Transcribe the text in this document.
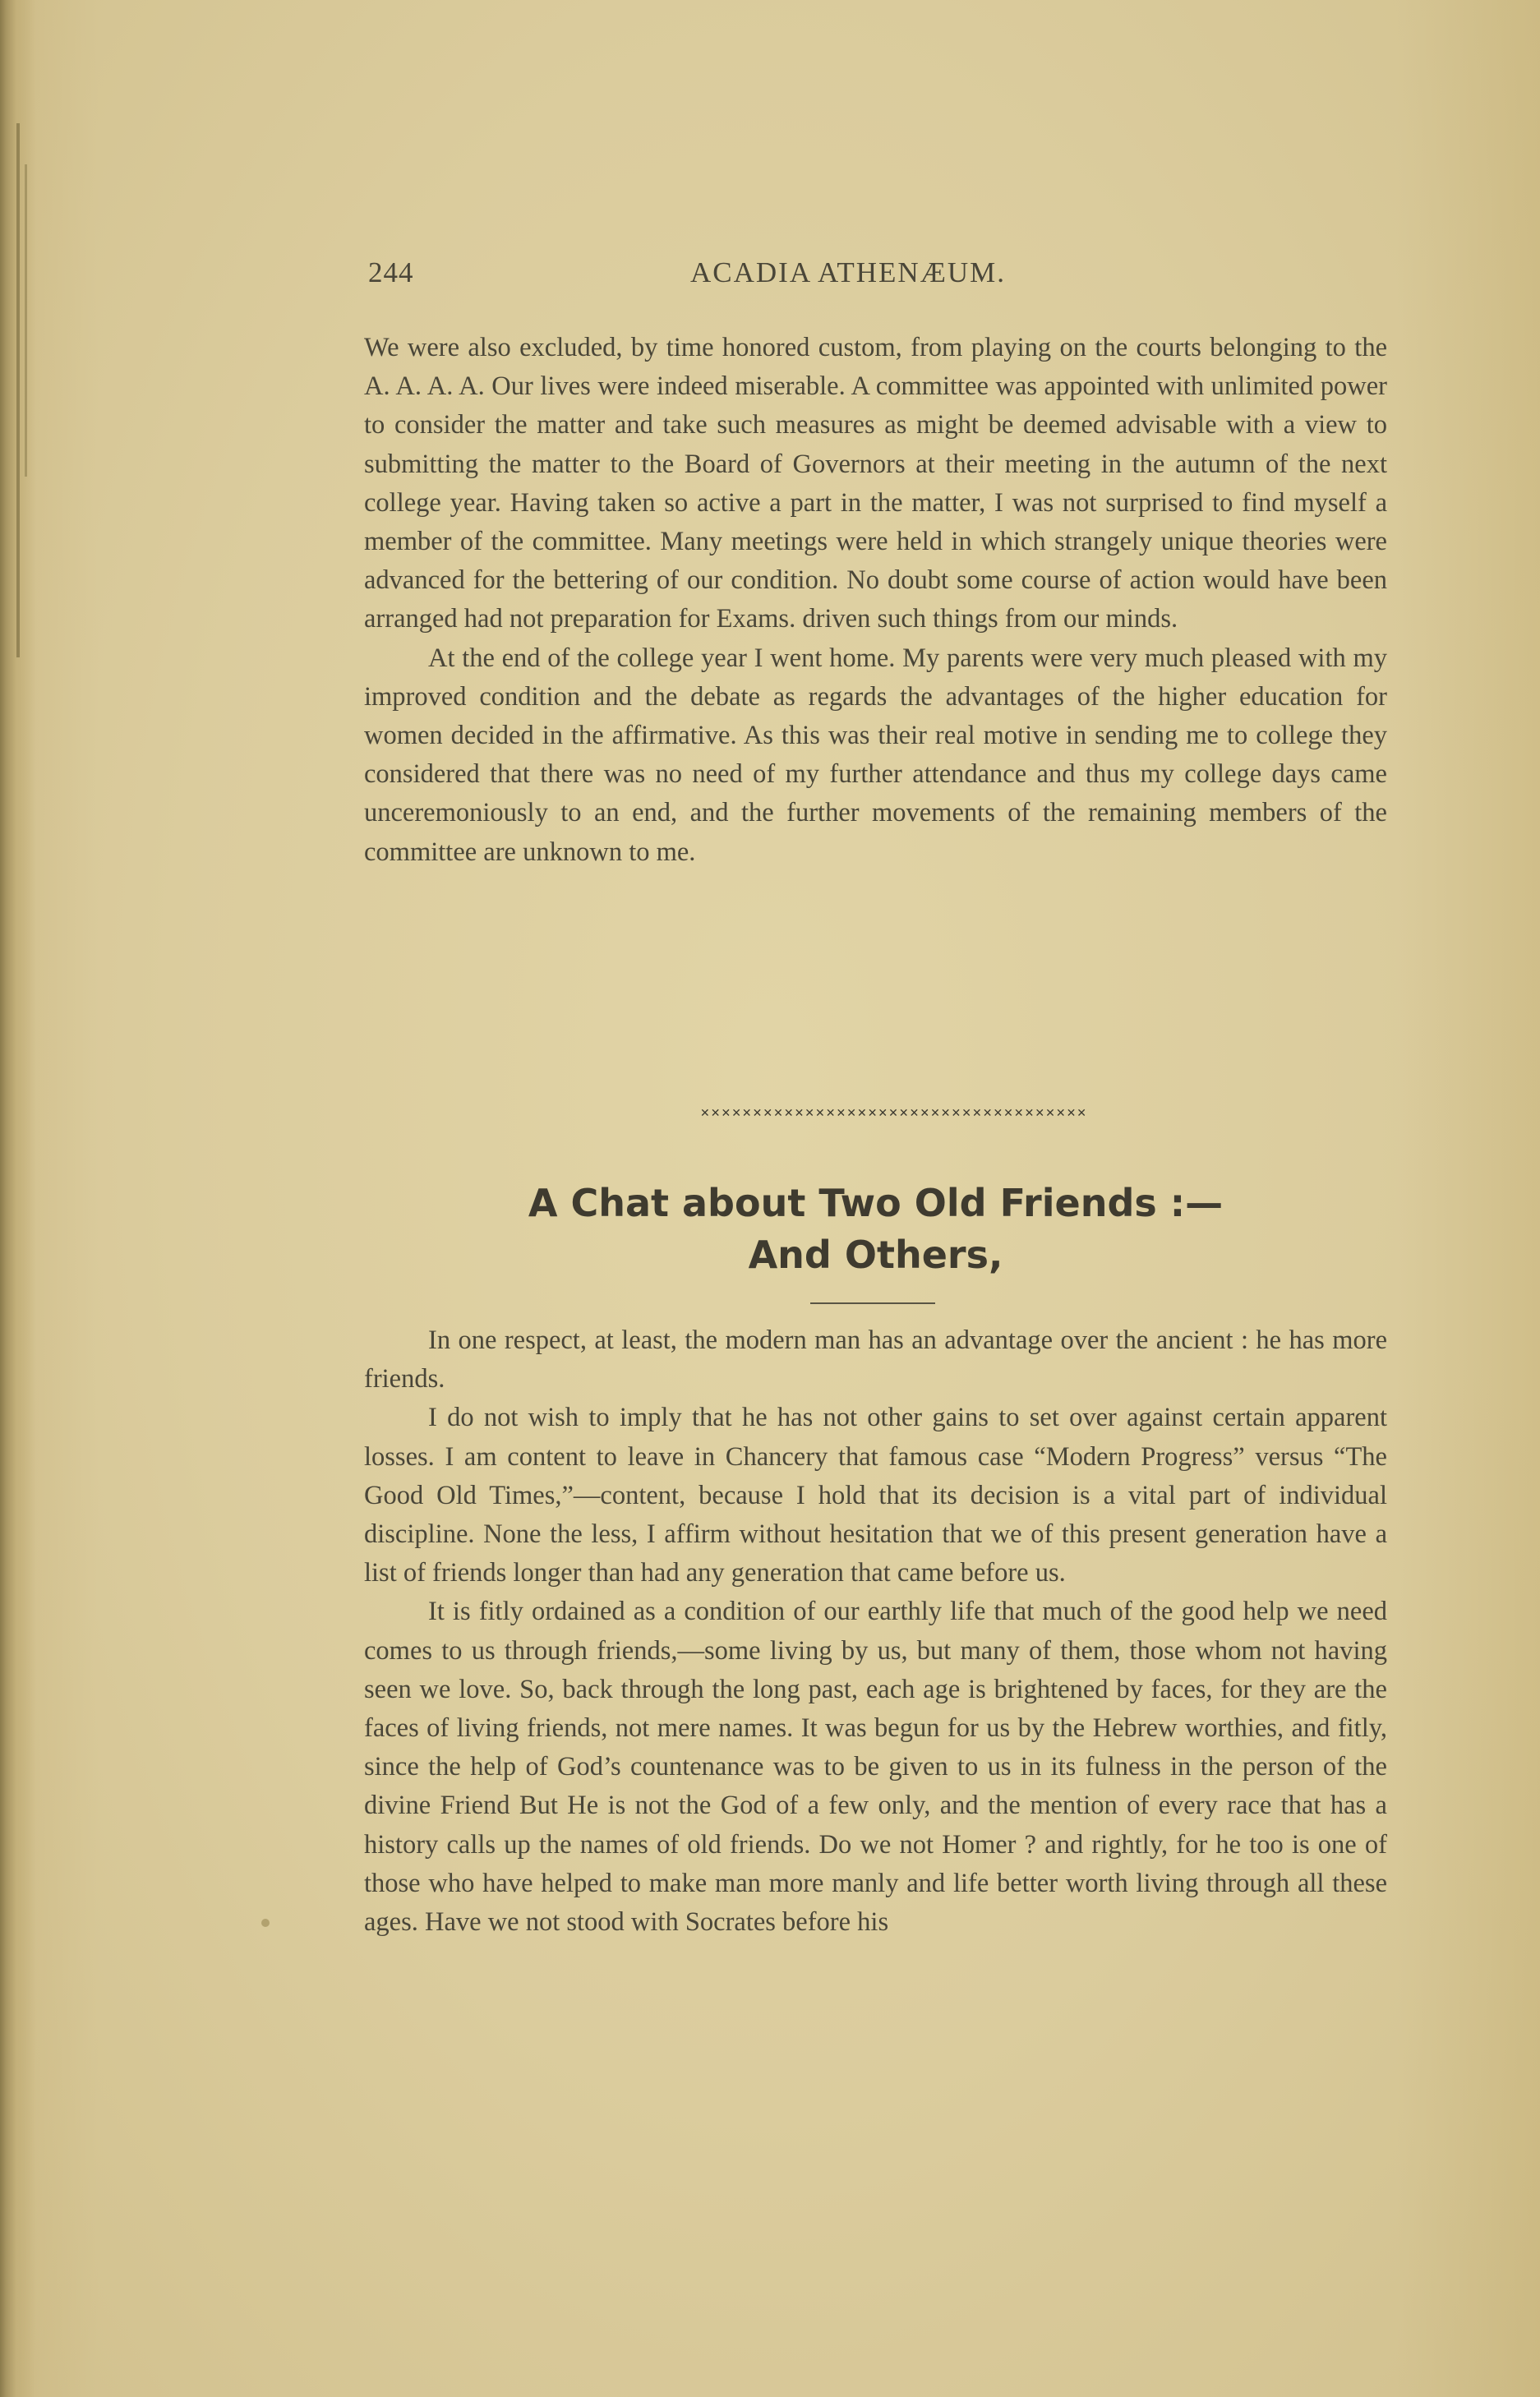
244	ACADIA ATHENÆUM.

We were also excluded, by time honored custom, from playing on the courts belonging to the A. A. A. A. Our lives were indeed miserable. A committee was appointed with unlimited power to consider the matter and take such measures as might be deemed advisable with a view to submitting the matter to the Board of Governors at their meeting in the autumn of the next college year. Having taken so active a part in the matter, I was not surprised to find myself a member of the committee. Many meetings were held in which strangely unique theories were advanced for the bettering of our condition. No doubt some course of action would have been arranged had not preparation for Exams. driven such things from our minds.

At the end of the college year I went home. My parents were very much pleased with my improved condition and the debate as regards the advantages of the higher education for women decided in the affirmative. As this was their real motive in sending me to college they considered that there was no need of my further attendance and thus my college days came unceremoniously to an end, and the further movements of the remaining members of the committee are unknown to me.

✕✕✕✕✕✕✕✕✕✕✕✕✕✕✕✕✕✕✕✕✕✕✕✕✕✕✕✕✕✕✕✕✕✕✕✕✕
A Chat about Two Old Friends :—
And Others,

In one respect, at least, the modern man has an advantage over the ancient : he has more friends.

I do not wish to imply that he has not other gains to set over against certain apparent losses. I am content to leave in Chancery that famous case “Modern Progress” versus “The Good Old Times,”—content, because I hold that its decision is a vital part of individual discipline. None the less, I affirm without hesitation that we of this present generation have a list of friends longer than had any generation that came before us.

It is fitly ordained as a condition of our earthly life that much of the good help we need comes to us through friends,—some living by us, but many of them, those whom not having seen we love. So, back through the long past, each age is brightened by faces, for they are the faces of living friends, not mere names. It was begun for us by the Hebrew worthies, and fitly, since the help of God’s countenance was to be given to us in its fulness in the person of the divine Friend But He is not the God of a few only, and the mention of every race that has a history calls up the names of old friends. Do we not Homer ? and rightly, for he too is one of those who have helped to make man more manly and life better worth living through all these ages. Have we not stood with Socrates before his
